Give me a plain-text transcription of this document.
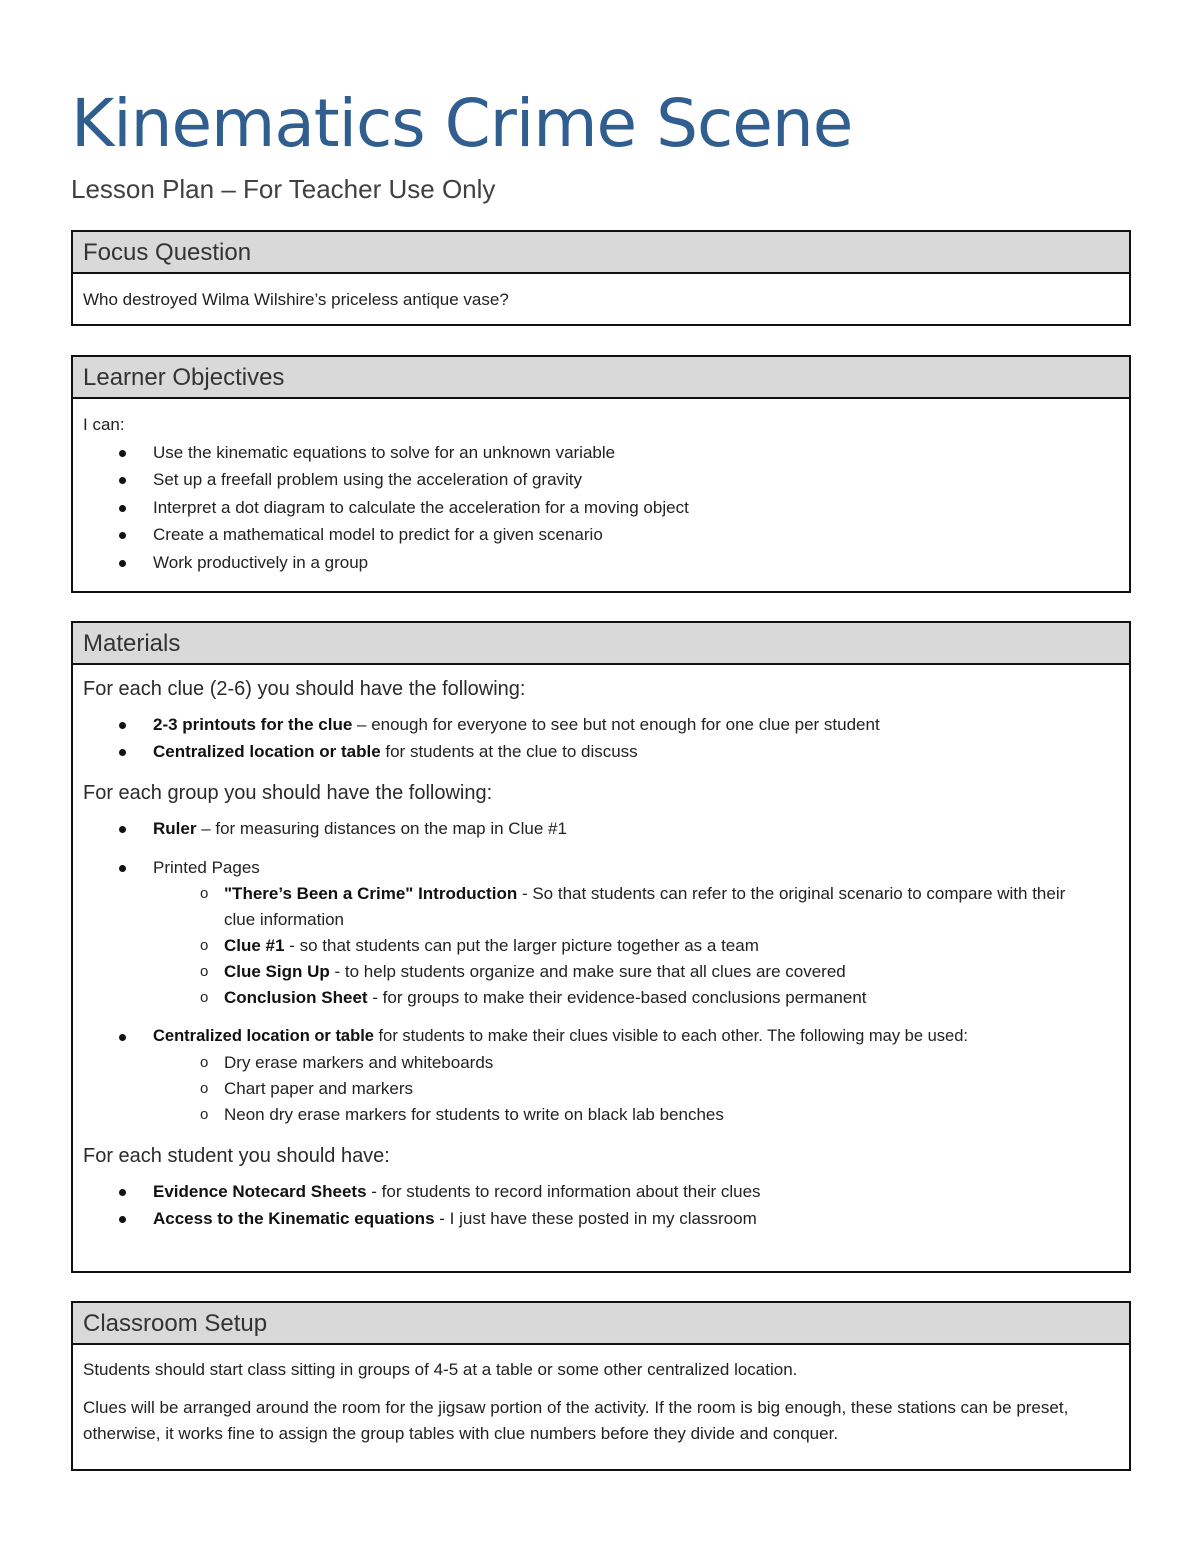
Kinematics Crime Scene
Lesson Plan – For Teacher Use Only
Focus Question

Who destroyed Wilma Wilshire’s priceless antique vase?

Learner Objectives

I can:

Use the kinematic equations to solve for an unknown variable
Set up a freefall problem using the acceleration of gravity
Interpret a dot diagram to calculate the acceleration for a moving object
Create a mathematical model to predict for a given scenario
Work productively in a group
Materials

For each clue (2-6) you should have the following:

2-3 printouts for the clue – enough for everyone to see but not enough for one clue per student
Centralized location or table for students at the clue to discuss

For each group you should have the following:

Ruler – for measuring distances on the map in Clue #1
Printed Pages
o "There’s Been a Crime" Introduction - So that students can refer to the original scenario to compare with their clue information
o Clue #1 - so that students can put the larger picture together as a team
o Clue Sign Up - to help students organize and make sure that all clues are covered
o Conclusion Sheet - for groups to make their evidence-based conclusions permanent
Centralized location or table for students to make their clues visible to each other. The following may be used:
o Dry erase markers and whiteboards
o Chart paper and markers
o Neon dry erase markers for students to write on black lab benches

For each student you should have:

Evidence Notecard Sheets - for students to record information about their clues
Access to the Kinematic equations - I just have these posted in my classroom
Classroom Setup

Students should start class sitting in groups of 4-5 at a table or some other centralized location.

Clues will be arranged around the room for the jigsaw portion of the activity. If the room is big enough, these stations can be preset, otherwise, it works fine to assign the group tables with clue numbers before they divide and conquer.
